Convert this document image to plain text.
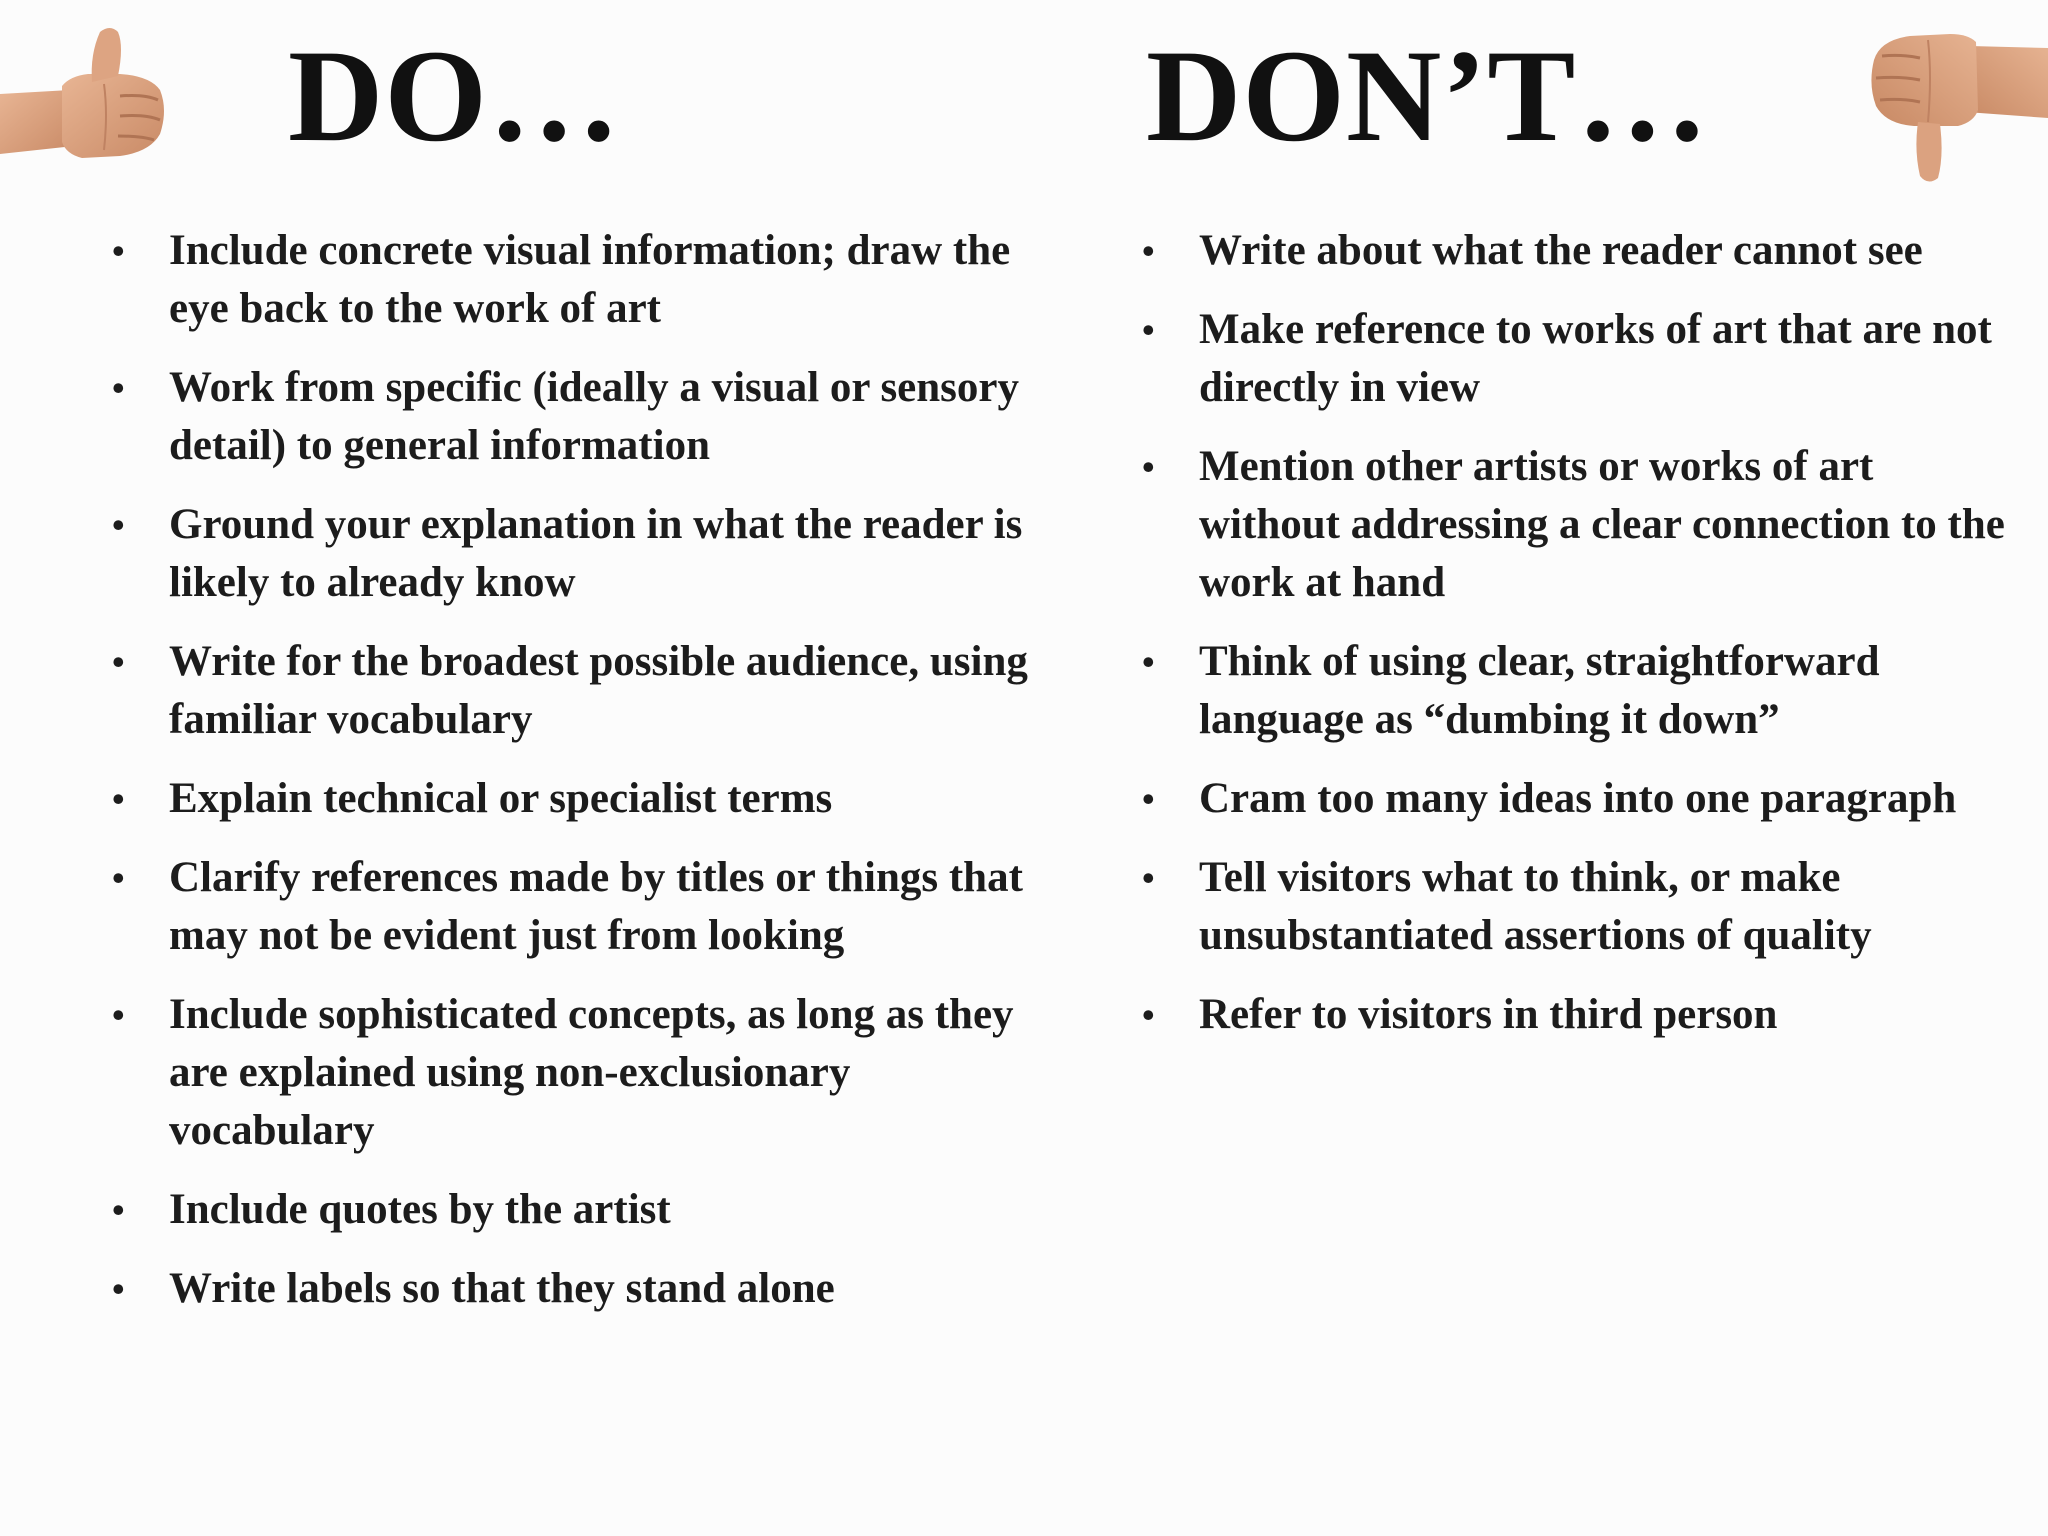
DO…	DON’T…
• Include concrete visual information; draw the eye back to the work of art
• Work from specific (ideally a visual or sensory detail) to general information
• Ground your explanation in what the reader is likely to already know
• Write for the broadest possible audience, using familiar vocabulary
• Explain technical or specialist terms
• Clarify references made by titles or things that may not be evident just from looking
• Include sophisticated concepts, as long as they are explained using non-exclusionary vocabulary
• Include quotes by the artist
• Write labels so that they stand alone
• Write about what the reader cannot see
• Make reference to works of art that are not directly in view
• Mention other artists or works of art without addressing a clear connection to the work at hand
• Think of using clear, straightforward language as “dumbing it down”
• Cram too many ideas into one paragraph
• Tell visitors what to think, or make unsubstantiated assertions of quality
• Refer to visitors in third person
